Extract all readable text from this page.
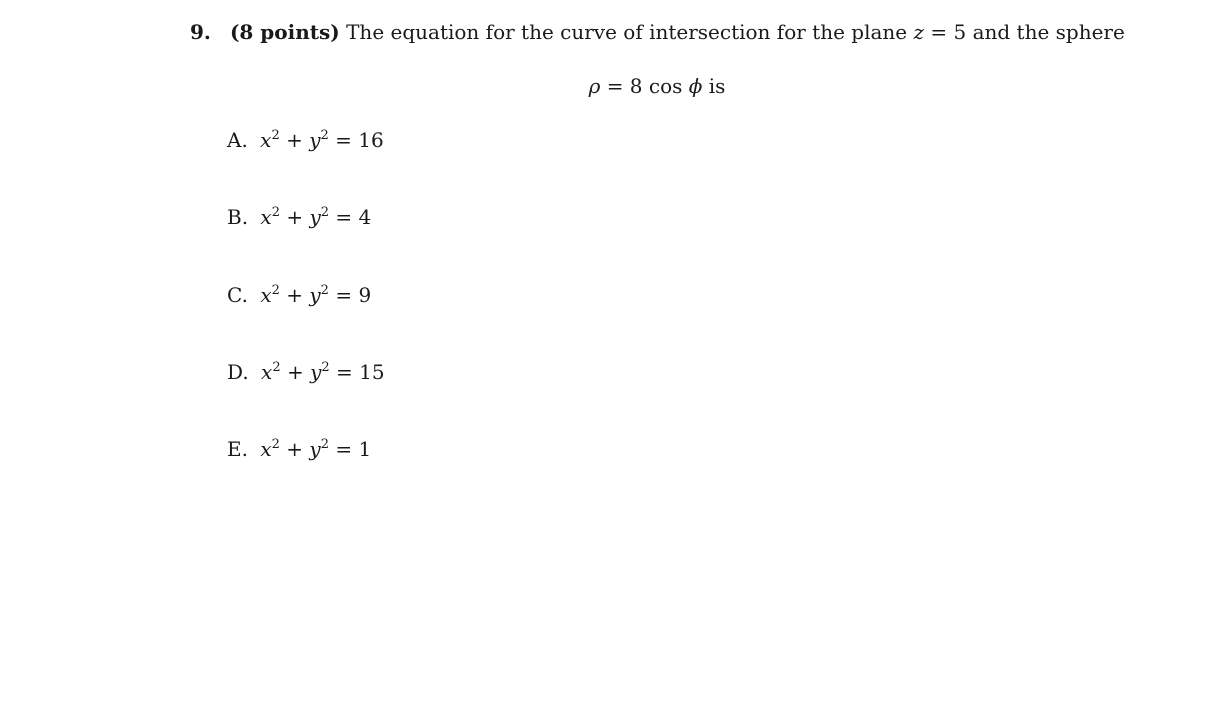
9. (8 points) The equation for the curve of intersection for the plane z = 5 and the sphere
ρ = 8 cos ϕ is
A. $x^2 + y^2 = 16$
B. $x^2 + y^2 = 4$
C. $x^2 + y^2 = 9$
D. $x^2 + y^2 = 15$
E. $x^2 + y^2 = 1$
